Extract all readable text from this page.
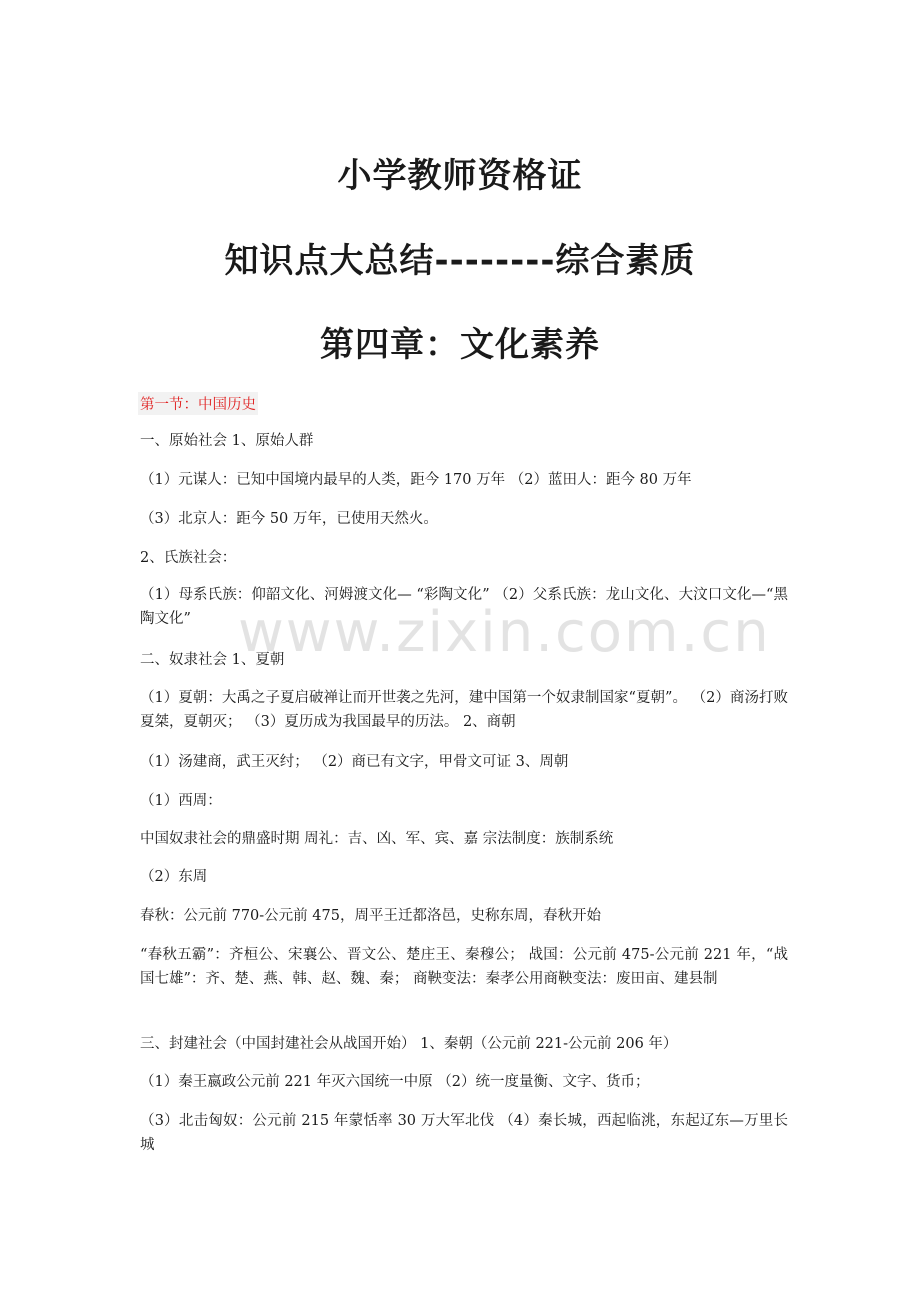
小学教师资格证
知识点大总结--------综合素质
第四章：文化素养
第一节：中国历史

一、原始社会 1、原始人群

（1）元谋人：已知中国境内最早的人类，距今 170 万年 （2）蓝田人：距今 80 万年

（3）北京人：距今 50 万年，已使用天然火。

2、氏族社会：

（1）母系氏族：仰韶文化、河姆渡文化— “彩陶文化” （2）父系氏族：龙山文化、大汶口文化—“黑陶文化”

二、奴隶社会 1、夏朝

（1）夏朝：大禹之子夏启破禅让而开世袭之先河，建中国第一个奴隶制国家“夏朝”。 （2）商汤打败夏桀，夏朝灭； （3）夏历成为我国最早的历法。 2、商朝

（1）汤建商，武王灭纣； （2）商已有文字，甲骨文可证 3、周朝

（1）西周：

中国奴隶社会的鼎盛时期 周礼：吉、凶、军、宾、嘉 宗法制度：族制系统

（2）东周

春秋：公元前 770-公元前 475，周平王迁都洛邑，史称东周，春秋开始

“春秋五霸”：齐桓公、宋襄公、晋文公、楚庄王、秦穆公； 战国：公元前 475-公元前 221 年，“战国七雄”：齐、楚、燕、韩、赵、魏、秦； 商鞅变法：秦孝公用商鞅变法：废田亩、建县制

三、封建社会（中国封建社会从战国开始） 1、秦朝（公元前 221-公元前 206 年）

（1）秦王嬴政公元前 221 年灭六国统一中原 （2）统一度量衡、文字、货币；

（3）北击匈奴：公元前 215 年蒙恬率 30 万大军北伐 （4）秦长城，西起临洮，东起辽东—万里长城

www.zixin.com.cn
